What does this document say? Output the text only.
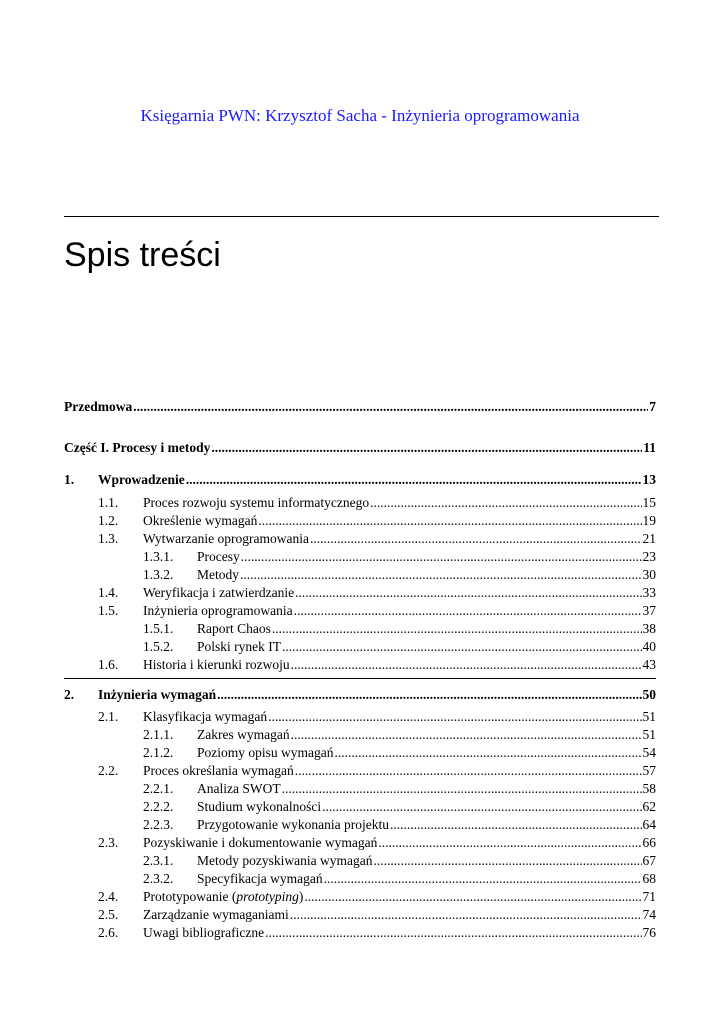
Księgarnia PWN: Krzysztof Sacha - Inżynieria oprogramowania
Spis treści
Przedmowa .....	7
Część I. Procesy i metody .....	11
1. Wprowadzenie .....	13
1.1. Proces rozwoju systemu informatycznego .....	15
1.2. Określenie wymagań .....	19
1.3. Wytwarzanie oprogramowania .....	21
1.3.1. Procesy .....	23
1.3.2. Metody .....	30
1.4. Weryfikacja i zatwierdzanie .....	33
1.5. Inżynieria oprogramowania .....	37
1.5.1. Raport Chaos .....	38
1.5.2. Polski rynek IT .....	40
1.6. Historia i kierunki rozwoju .....	43
2. Inżynieria wymagań .....	50
2.1. Klasyfikacja wymagań .....	51
2.1.1. Zakres wymagań .....	51
2.1.2. Poziomy opisu wymagań .....	54
2.2. Proces określania wymagań .....	57
2.2.1. Analiza SWOT .....	58
2.2.2. Studium wykonalności .....	62
2.2.3. Przygotowanie wykonania projektu .....	64
2.3. Pozyskiwanie i dokumentowanie wymagań .....	66
2.3.1. Metody pozyskiwania wymagań .....	67
2.3.2. Specyfikacja wymagań .....	68
2.4. Prototypowanie (prototyping) .....	71
2.5. Zarządzanie wymaganiami .....	74
2.6. Uwagi bibliograficzne .....	76
